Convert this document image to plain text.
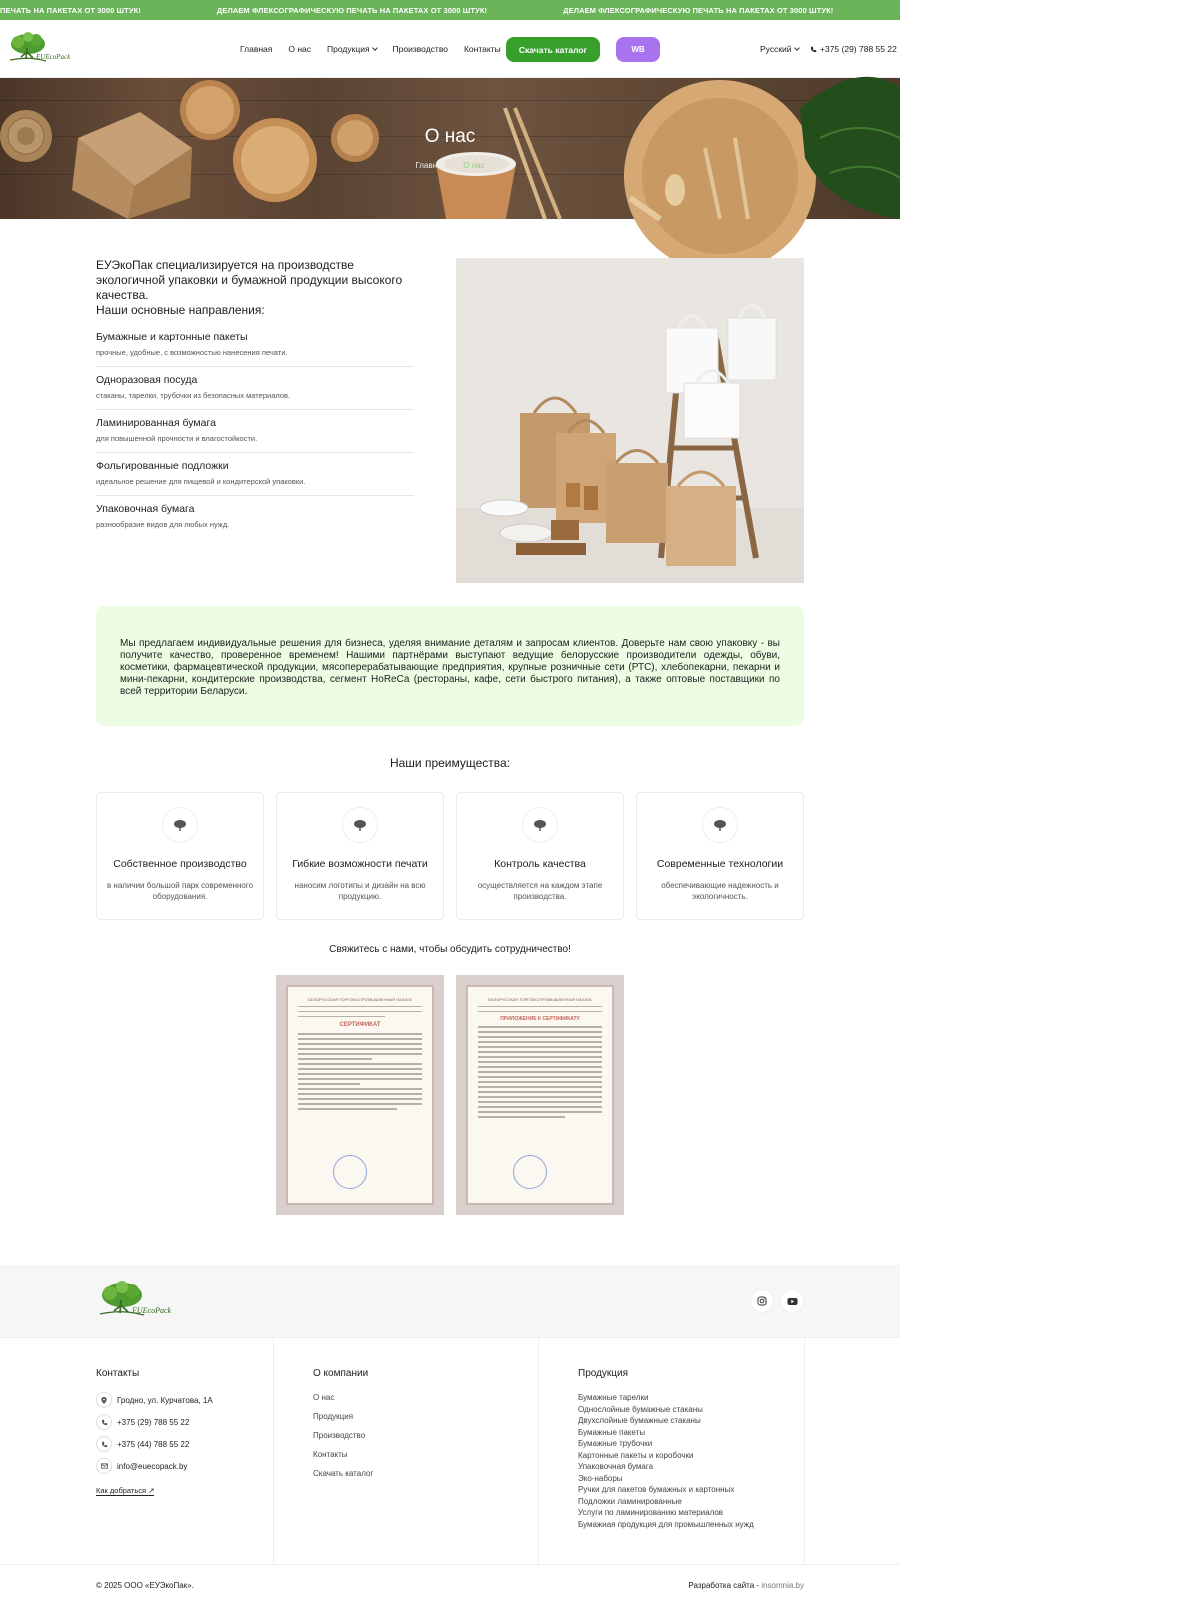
ПЕЧАТЬ НА ПАКЕТАХ ОТ 3000 ШТУК!	ДЕЛАЕМ ФЛЕКСОГРАФИЧЕСКУЮ ПЕЧАТЬ НА ПАКЕТАХ ОТ 3000 ШТУК!	ДЕЛАЕМ ФЛЕКСОГРАФИЧЕСКУЮ ПЕЧАТЬ НА ПАКЕТАХ ОТ 3000 ШТУК!	ДЕЛАЕМ ФЛЕКСОГРАФИЧЕСКУЮ ПЕЧАТЬ НА ПАКЕТАХ ОТ 3000 ШТУК!
EUEcoPack
Главная О нас Продукция	Производство Контакты	Скачать каталог	WB	Русский	+375 (29) 788 55 22
О нас
Главная О нас
ЕУЭкоПак специализируется на производстве экологичной упаковки и бумажной продукции высокого качества.
Наши основные направления:
Бумажные и картонные пакеты
прочные, удобные, с возможностью нанесения печати.
Одноразовая посуда
стаканы, тарелки, трубочки из безопасных материалов.
Ламинированная бумага
для повышенной прочности и влагостойкости.
Фольгированные подложки
идеальное решение для пищевой и кондитерской упаковки.
Упаковочная бумага
разнообразие видов для любых нужд.

Мы предлагаем индивидуальные решения для бизнеса, уделяя внимание деталям и запросам клиентов. Доверьте нам свою упаковку - вы получите качество, проверенное временем! Нашими партнёрами выступают ведущие белорусские производители одежды, обуви, косметики, фармацевтической продукции, мясоперерабатывающие предприятия, крупные розничные сети (РТС), хлебопекарни, пекарни и мини-пекарни, кондитерские производства, сегмент HoReCa (рестораны, кафе, сети быстрого питания), а также оптовые поставщики по всей территории Беларуси.

Наши преимущества:
Собственное производство
в наличии большой парк современного оборудования.
Гибкие возможности печати
наносим логотипы и дизайн на всю продукцию.
Контроль качества
осуществляется на каждом этапе производства.
Современные технологии
обеспечивающие надежность и экологичность.
Свяжитесь с нами, чтобы обсудить сотрудничество!
БЕЛОРУССКАЯ ТОРГОВО-ПРОМЫШЛЕННАЯ ПАЛАТА
СЕРТИФИКАТ
БЕЛОРУССКАЯ ТОРГОВО-ПРОМЫШЛЕННАЯ ПАЛАТА
ПРИЛОЖЕНИЕ К СЕРТИФИКАТУ
EUEcoPack
Контакты
Гродно, ул. Курчатова, 1А
+375 (29) 788 55 22
+375 (44) 788 55 22
info@euecopack.by
Как добраться ↗
О компании
О нас
Продукция
Производство
Контакты
Скачать каталог
Продукция
Бумажные тарелки
Однослойные бумажные стаканы
Двухслойные бумажные стаканы
Бумажные пакеты
Бумажные трубочки
Картонные пакеты и коробочки
Упаковочная бумага
Эко-наборы
Ручки для пакетов бумажных и картонных
Подложки ламинированные
Услуги по ламинированию материалов
Бумажная продукция для промышленных нужд
© 2025 ООО «ЕУЭкоПак».	Разработка сайта - insomnia.by
